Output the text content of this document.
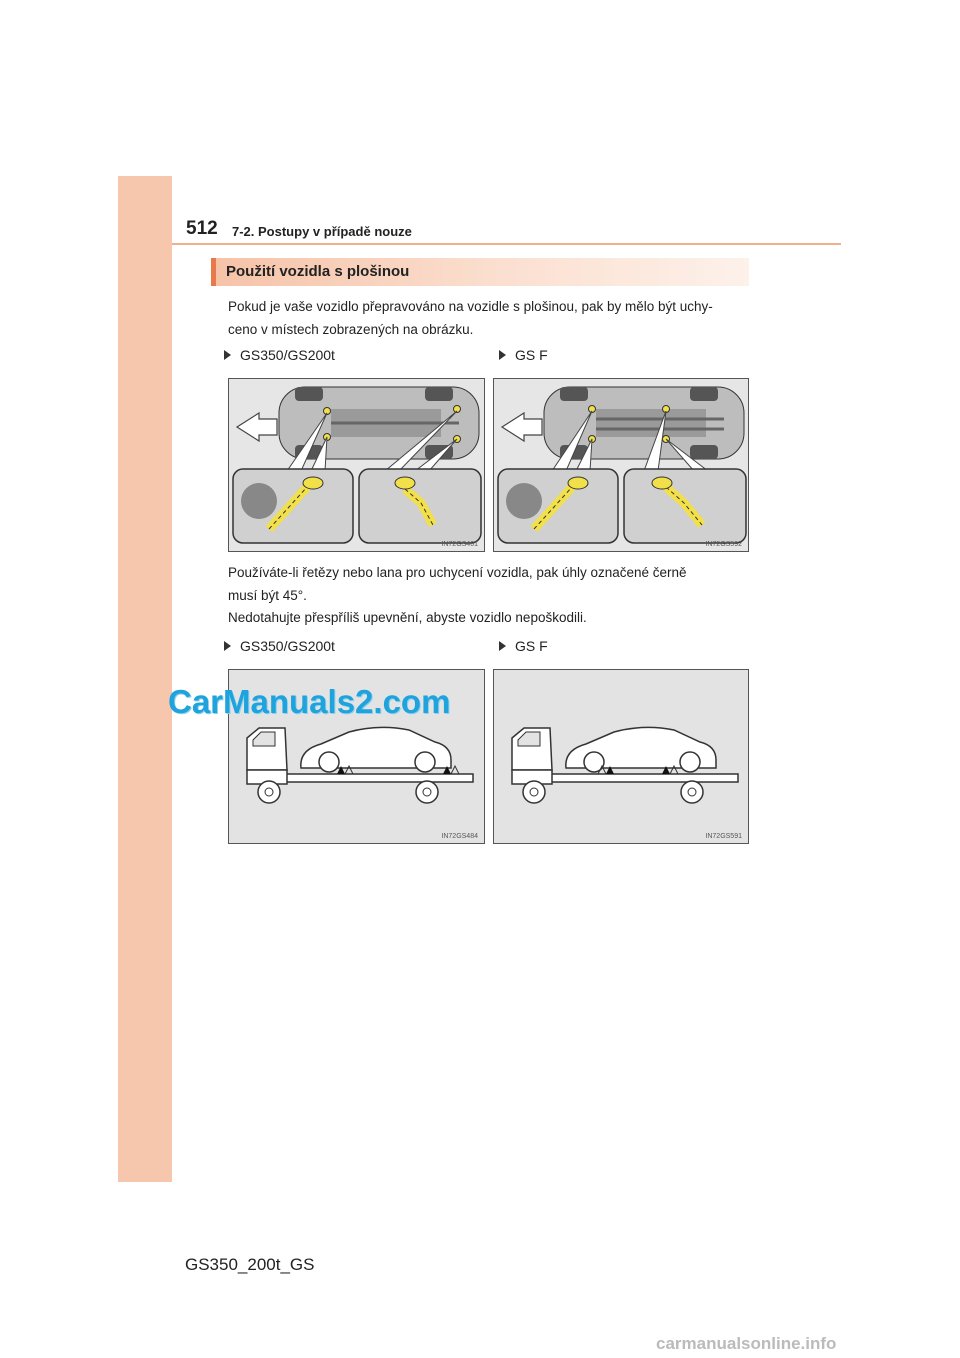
512 7-2. Postupy v případě nouze
Použití vozidla s plošinou
Pokud je vaše vozidlo přepravováno na vozidle s plošinou, pak by mělo být uchy-
ceno v místech zobrazených na obrázku.
GS350/GS200t	GS F
IN72GS401	IN72GS592
Používáte-li řetězy nebo lana pro uchycení vozidla, pak úhly označené černě
musí být 45°.
Nedotahujte přespříliš upevnění, abyste vozidlo nepoškodili.
GS350/GS200t	GS F
IN72GS484	IN72GS591
CarManuals2.com
GS350_200t_GS
carmanualsonline.info
